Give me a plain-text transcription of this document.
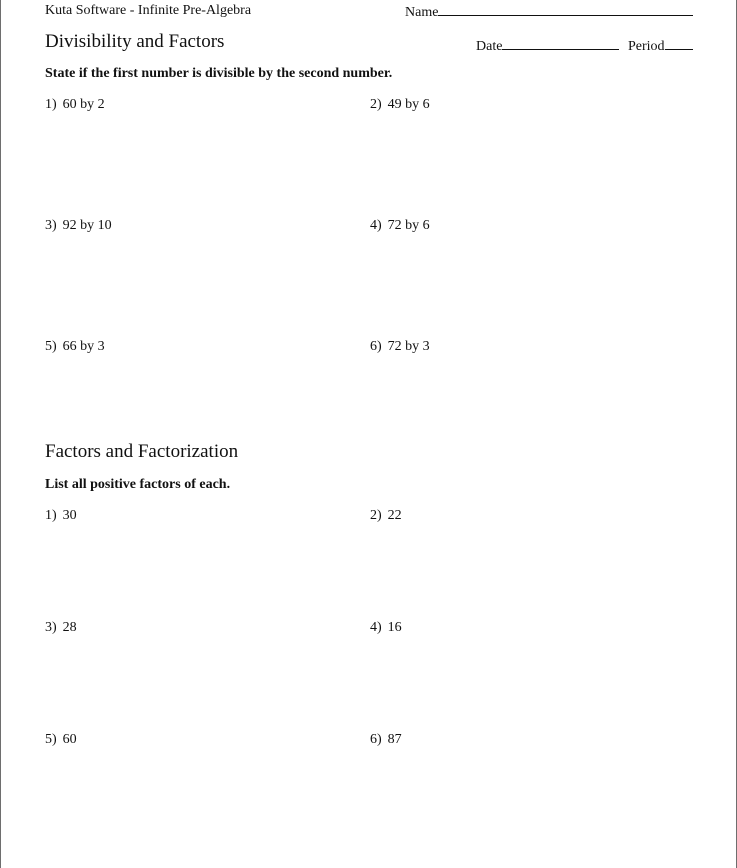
Kuta Software - Infinite Pre-Algebra	Name
Date	Period
Divisibility and Factors
State if the first number is divisible by the second number.
1) 60 by 2	2) 49 by 6
3) 92 by 10	4) 72 by 6
5) 66 by 3	6) 72 by 3
Factors and Factorization
List all positive factors of each.
1) 30	2) 22
3) 28	4) 16
5) 60	6) 87
